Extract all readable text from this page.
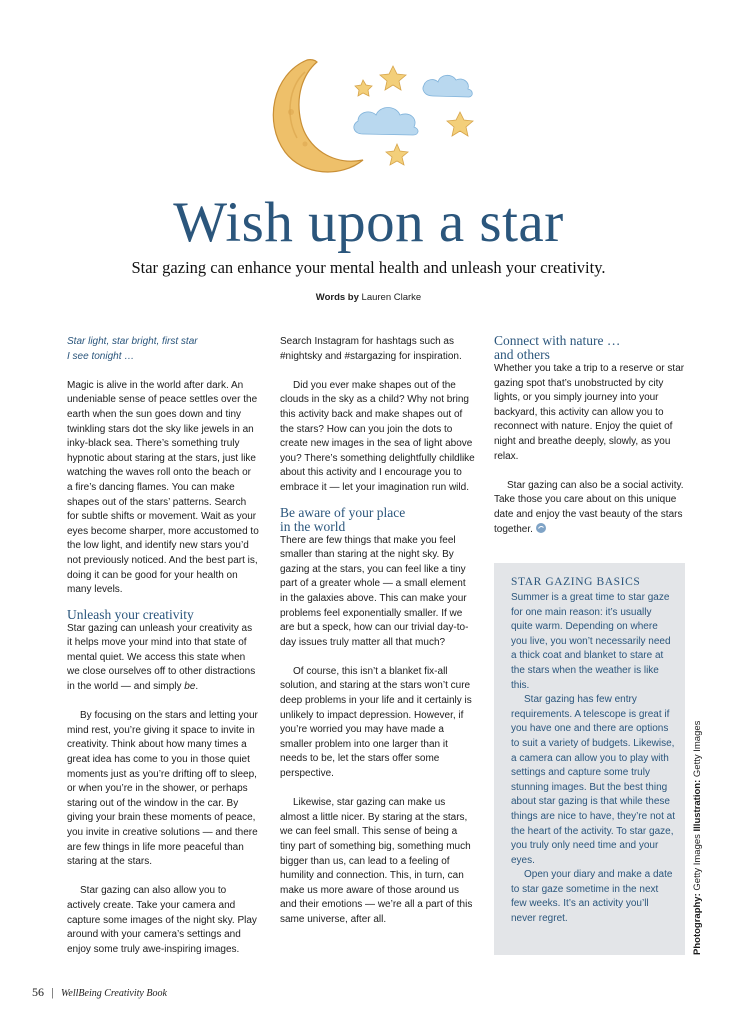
Wish upon a star
Star gazing can enhance your mental health and unleash your creativity.
Words by Lauren Clarke

Star light, star bright, first star

I see tonight …

Magic is alive in the world after dark. An undeniable sense of peace settles over the earth when the sun goes down and tiny twinkling stars dot the sky like jewels in an inky-black sea. There’s something truly hypnotic about staring at the stars, just like watching the waves roll onto the beach or a fire’s dancing flames. You can make shapes out of the stars’ patterns. Search for subtle shifts or movement. Wait as your eyes become sharper, more accustomed to the low light, and identify new stars you’d not previously noticed. And the best part is, doing it can be good for your health on many levels.

Unleash your creativity

Star gazing can unleash your creativity as it helps move your mind into that state of mental quiet. We access this state when we close ourselves off to other distractions in the world — and simply be.

By focusing on the stars and letting your mind rest, you’re giving it space to invite in creativity. Think about how many times a great idea has come to you in those quiet moments just as you’re drifting off to sleep, or when you’re in the shower, or perhaps staring out of the window in the car. By giving your brain these moments of peace, you invite in creative solutions — and there are few things in life more peaceful than staring at the stars.

Star gazing can also allow you to actively create. Take your camera and capture some images of the night sky. Play around with your camera’s settings and enjoy some truly awe-inspiring images.

Search Instagram for hashtags such as #nightsky and #stargazing for inspiration.

Did you ever make shapes out of the clouds in the sky as a child? Why not bring this activity back and make shapes out of the stars? How can you join the dots to create new images in the sea of light above you? There’s something delightfully childlike about this activity and I encourage you to embrace it — let your imagination run wild.

Be aware of your place
in the world

There are few things that make you feel smaller than staring at the night sky. By gazing at the stars, you can feel like a tiny part of a greater whole — a small element in the galaxies above. This can make your problems feel exponentially smaller. If we are but a speck, how can our trivial day-to-day issues truly matter all that much?

Of course, this isn’t a blanket fix-all solution, and staring at the stars won’t cure deep problems in your life and it certainly is unlikely to impact depression. However, if you’re worried you may have made a smaller problem into one larger than it needs to be, let the stars offer some perspective.

Likewise, star gazing can make us almost a little nicer. By staring at the stars, we can feel small. This sense of being a tiny part of something big, something much bigger than us, can lead to a feeling of humility and connection. This, in turn, can make us more aware of those around us and their emotions — we’re all a part of this same universe, after all.

Connect with nature …
and others

Whether you take a trip to a reserve or star gazing spot that’s unobstructed by city lights, or you simply journey into your backyard, this activity can allow you to reconnect with nature. Enjoy the quiet of night and breathe deeply, slowly, as you relax.

Star gazing can also be a social activity. Take those you care about on this unique date and enjoy the vast beauty of the stars together.

STAR GAZING BASICS

Summer is a great time to star gaze for one main reason: it’s usually quite warm. Depending on where you live, you won’t necessarily need a thick coat and blanket to stare at the stars when the weather is like this.

Star gazing has few entry requirements. A telescope is great if you have one and there are options to suit a variety of budgets. Likewise, a camera can allow you to play with settings and capture some truly stunning images. But the best thing about star gazing is that while these things are nice to have, they’re not at the heart of the activity. To star gaze, you truly only need time and your eyes.

Open your diary and make a date to star gaze sometime in the next few weeks. It’s an activity you’ll never regret.	Photography: Getty Images Illustration: Getty Images
56 | WellBeing Creativity Book
